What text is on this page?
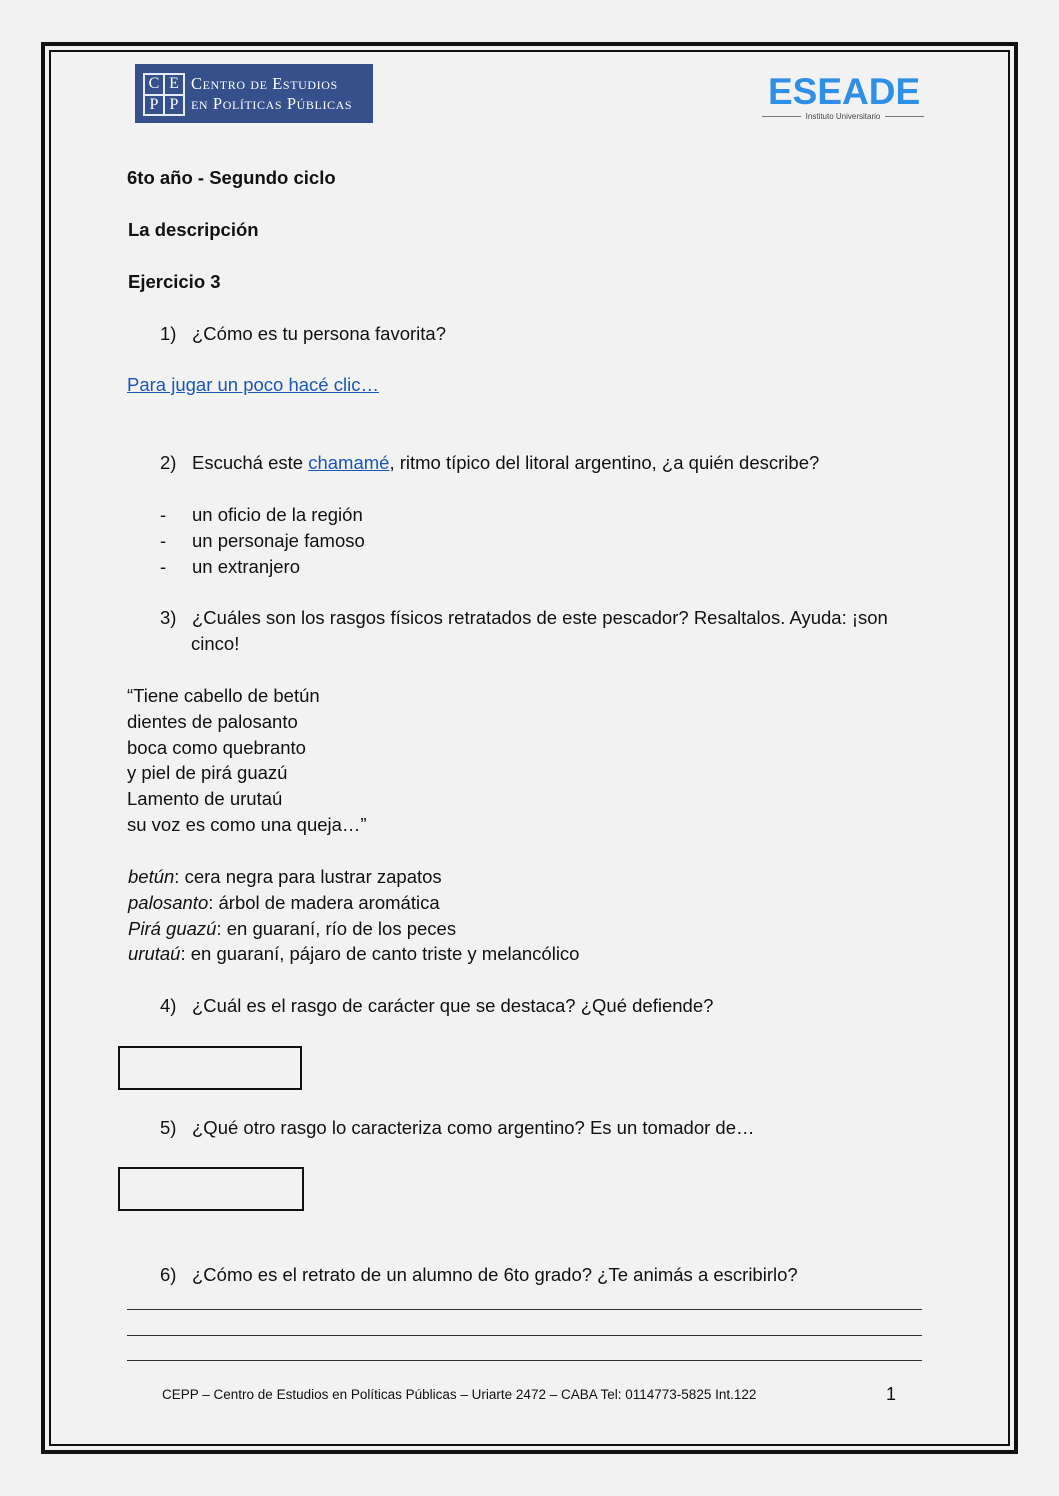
C E
P P
Centro de Estudios
en Políticas Públicas	ESEADE
Instituto Universitario
6to año - Segundo ciclo
La descripción
Ejercicio 3
1) ¿Cómo es tu persona favorita?
Para jugar un poco hacé clic…
2) Escuchá este chamamé, ritmo típico del litoral argentino, ¿a quién describe?
- un oficio de la región
- un personaje famoso
- un extranjero
3) ¿Cuáles son los rasgos físicos retratados de este pescador? Resaltalos. Ayuda: ¡son
cinco!
“Tiene cabello de betún
dientes de palosanto
boca como quebranto
y piel de pirá guazú
Lamento de urutaú
su voz es como una queja…”
betún: cera negra para lustrar zapatos
palosanto: árbol de madera aromática
Pirá guazú: en guaraní, río de los peces
urutaú: en guaraní, pájaro de canto triste y melancólico
4) ¿Cuál es el rasgo de carácter que se destaca? ¿Qué defiende?
5) ¿Qué otro rasgo lo caracteriza como argentino? Es un tomador de…
6) ¿Cómo es el retrato de un alumno de 6to grado? ¿Te animás a escribirlo?
CEPP – Centro de Estudios en Políticas Públicas – Uriarte 2472 – CABA Tel: 0114773-5825 Int.122	1
